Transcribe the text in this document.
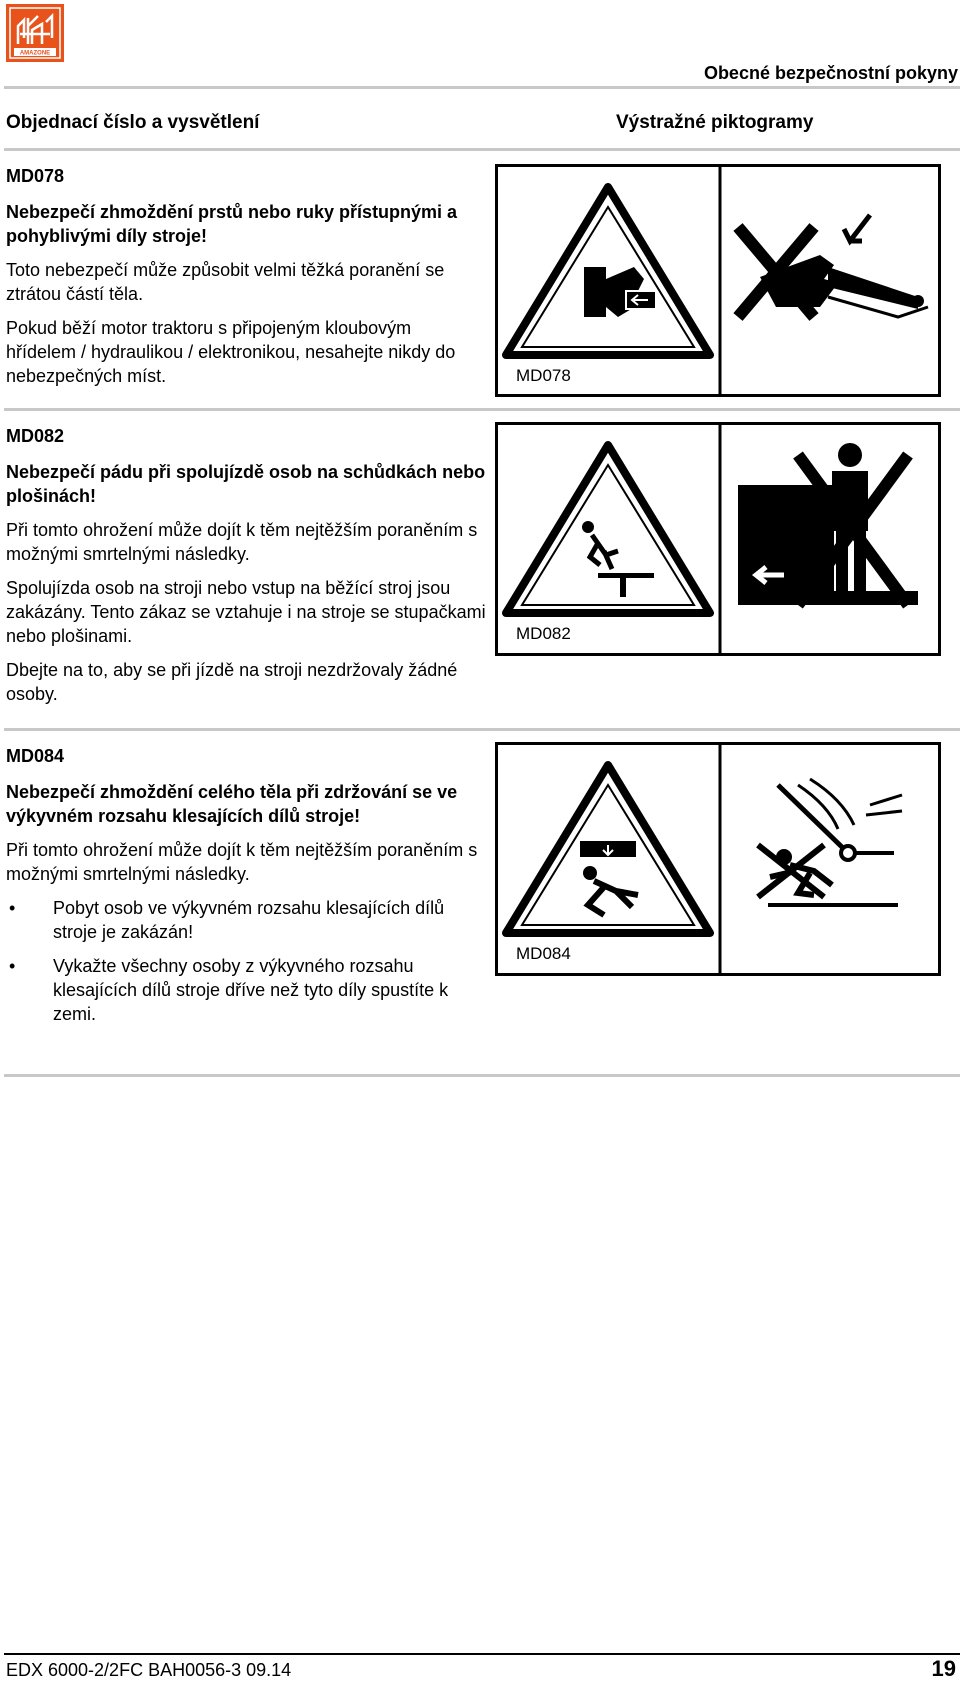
AMAZONE
Obecné bezpečnostní pokyny
Objednací číslo a vysvětlení	Výstražné piktogramy
MD078
Nebezpečí zhmoždění prstů nebo ruky přístupnými a pohyblivými díly stroje!
Toto nebezpečí může způsobit velmi těžká poranění se ztrátou částí těla.
Pokud běží motor traktoru s připojeným kloubovým hřídelem / hydraulikou / elektronikou, nesahejte nikdy do nebezpečných míst.	MD078
MD082
Nebezpečí pádu při spolujízdě osob na schůdkách nebo plošinách!
Při tomto ohrožení může dojít k těm nejtěžším poraněním s možnými smrtelnými následky.
Spolujízda osob na stroji nebo vstup na běžící stroj jsou zakázány. Tento zákaz se vztahuje i na stroje se stupačkami nebo plošinami.
Dbejte na to, aby se při jízdě na stroji nezdržovaly žádné osoby.
MD082
MD084
Nebezpečí zhmoždění celého těla při zdržování se ve výkyvném rozsahu klesajících dílů stroje!
Při tomto ohrožení může dojít k těm nejtěžším poraněním s možnými smrtelnými následky.
• Pobyt osob ve výkyvném rozsahu klesajících dílů stroje je zakázán!
• Vykažte všechny osoby z výkyvného rozsahu klesajících dílů stroje dříve než tyto díly spustíte k zemi.
MD084
EDX 6000-2/2FC BAH0056-3 09.14	19
